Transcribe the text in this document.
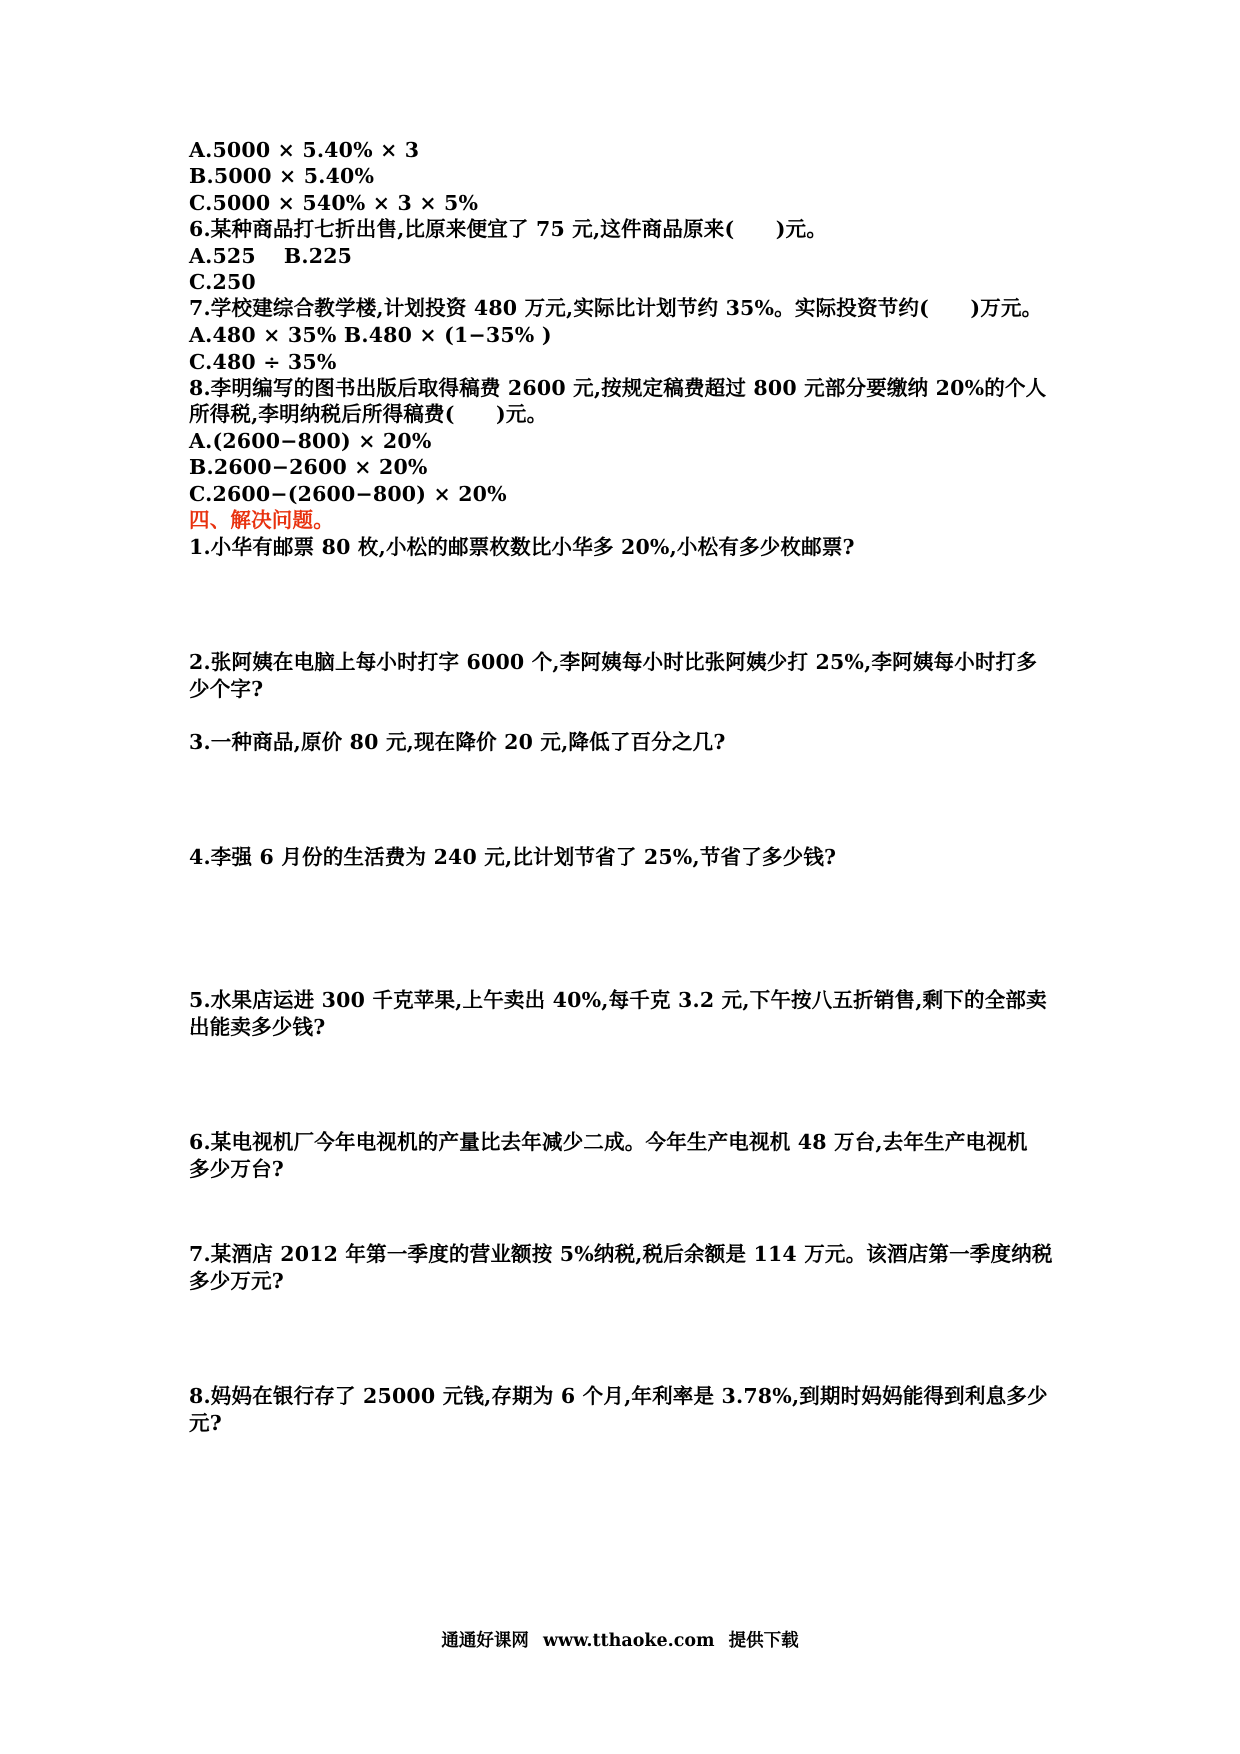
A.5000 × 5.40% × 3
B.5000 × 5.40%
C.5000 × 540% × 3 × 5%
6.某种商品打七折出售,比原来便宜了 75 元,这件商品原来(　　)元。
A.525　 B.225
C.250
7.学校建综合教学楼,计划投资 480 万元,实际比计划节约 35%。实际投资节约(　　)万元。
A.480 × 35% B.480 × (1−35% )
C.480 ÷ 35%
8.李明编写的图书出版后取得稿费 2600 元,按规定稿费超过 800 元部分要缴纳 20%的个人
所得税,李明纳税后所得稿费(　　)元。
A.(2600−800) × 20%
B.2600−2600 × 20%
C.2600−(2600−800) × 20%
四、解决问题。
1.小华有邮票 80 枚,小松的邮票枚数比小华多 20%,小松有多少枚邮票?
2.张阿姨在电脑上每小时打字 6000 个,李阿姨每小时比张阿姨少打 25%,李阿姨每小时打多
少个字?
3.一种商品,原价 80 元,现在降价 20 元,降低了百分之几?
4.李强 6 月份的生活费为 240 元,比计划节省了 25%,节省了多少钱?
5.水果店运进 300 千克苹果,上午卖出 40%,每千克 3.2 元,下午按八五折销售,剩下的全部卖
出能卖多少钱?
6.某电视机厂今年电视机的产量比去年减少二成。今年生产电视机 48 万台,去年生产电视机
多少万台?
7.某酒店 2012 年第一季度的营业额按 5%纳税,税后余额是 114 万元。该酒店第一季度纳税
多少万元?
8.妈妈在银行存了 25000 元钱,存期为 6 个月,年利率是 3.78%,到期时妈妈能得到利息多少
元?
通通好课网 www.tthaoke.com 提供下载
